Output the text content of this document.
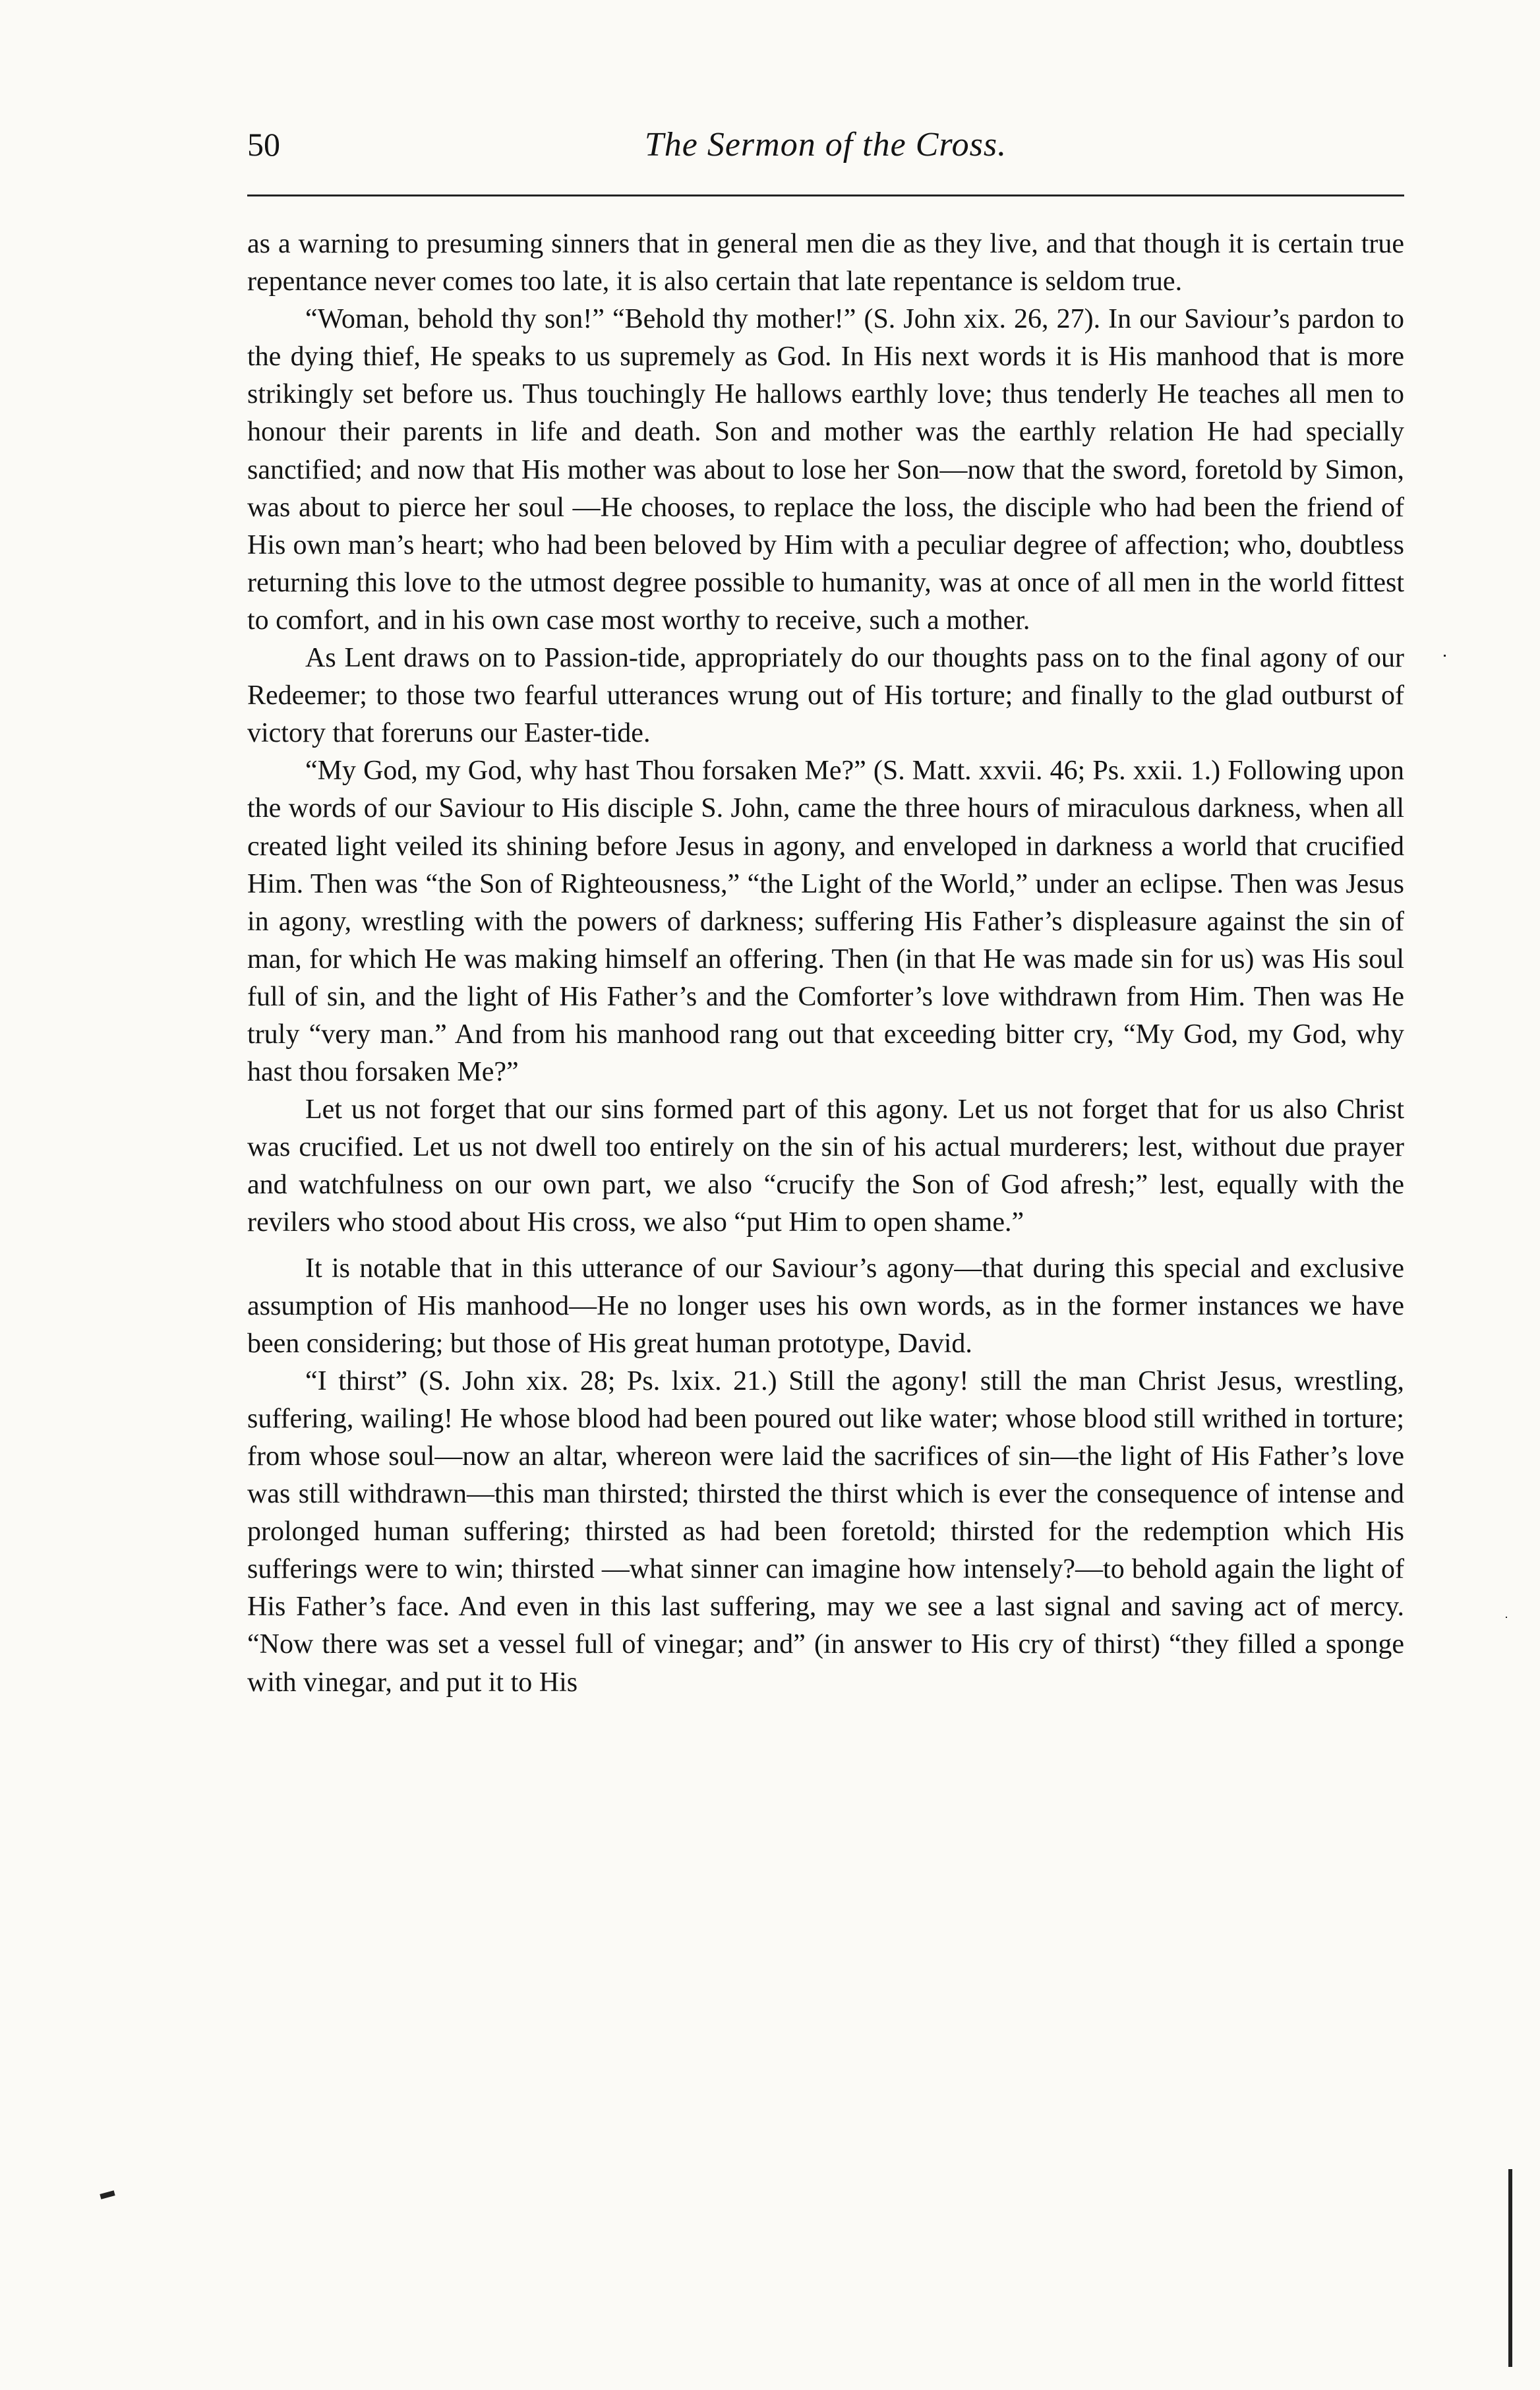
50	The Sermon of the Cross.

as a warning to presuming sinners that in general men die as they live, and that though it is certain true repentance never comes too late, it is also certain that late repentance is seldom true.

“Woman, behold thy son!” “Behold thy mother!” (S. John xix. 26, 27). In our Saviour’s pardon to the dying thief, He speaks to us supremely as God. In His next words it is His manhood that is more strikingly set before us. Thus touchingly He hallows earthly love; thus tenderly He teaches all men to honour their parents in life and death. Son and mother was the earthly relation He had specially sanctified; and now that His mother was about to lose her Son—now that the sword, foretold by Simon, was about to pierce her soul —He chooses, to replace the loss, the disciple who had been the friend of His own man’s heart; who had been beloved by Him with a peculiar degree of affection; who, doubtless returning this love to the utmost degree possible to humanity, was at once of all men in the world fittest to comfort, and in his own case most worthy to receive, such a mother.

As Lent draws on to Passion-tide, appropriately do our thoughts pass on to the final agony of our Redeemer; to those two fearful utterances wrung out of His torture; and finally to the glad outburst of victory that foreruns our Easter-tide.

“My God, my God, why hast Thou forsaken Me?” (S. Matt. xxvii. 46; Ps. xxii. 1.) Following upon the words of our Saviour to His disciple S. John, came the three hours of miraculous darkness, when all created light veiled its shining before Jesus in agony, and enveloped in darkness a world that crucified Him. Then was “the Son of Righteousness,” “the Light of the World,” under an eclipse. Then was Jesus in agony, wrestling with the powers of darkness; suffering His Father’s displeasure against the sin of man, for which He was making himself an offering. Then (in that He was made sin for us) was His soul full of sin, and the light of His Father’s and the Comforter’s love withdrawn from Him. Then was He truly “very man.” And from his manhood rang out that exceeding bitter cry, “My God, my God, why hast thou forsaken Me?”

Let us not forget that our sins formed part of this agony. Let us not forget that for us also Christ was crucified. Let us not dwell too entirely on the sin of his actual murderers; lest, without due prayer and watchfulness on our own part, we also “crucify the Son of God afresh;” lest, equally with the revilers who stood about His cross, we also “put Him to open shame.”

It is notable that in this utterance of our Saviour’s agony—that during this special and exclusive assumption of His manhood—He no longer uses his own words, as in the former instances we have been considering; but those of His great human prototype, David.

“I thirst” (S. John xix. 28; Ps. lxix. 21.) Still the agony! still the man Christ Jesus, wrestling, suffering, wailing! He whose blood had been poured out like water; whose blood still writhed in torture; from whose soul—now an altar, whereon were laid the sacrifices of sin—the light of His Father’s love was still withdrawn—this man thirsted; thirsted the thirst which is ever the consequence of intense and prolonged human suffering; thirsted as had been foretold; thirsted for the redemption which His sufferings were to win; thirsted —what sinner can imagine how intensely?—to behold again the light of His Father’s face. And even in this last suffering, may we see a last signal and saving act of mercy. “Now there was set a vessel full of vinegar; and” (in answer to His cry of thirst) “they filled a sponge with vinegar, and put it to His
